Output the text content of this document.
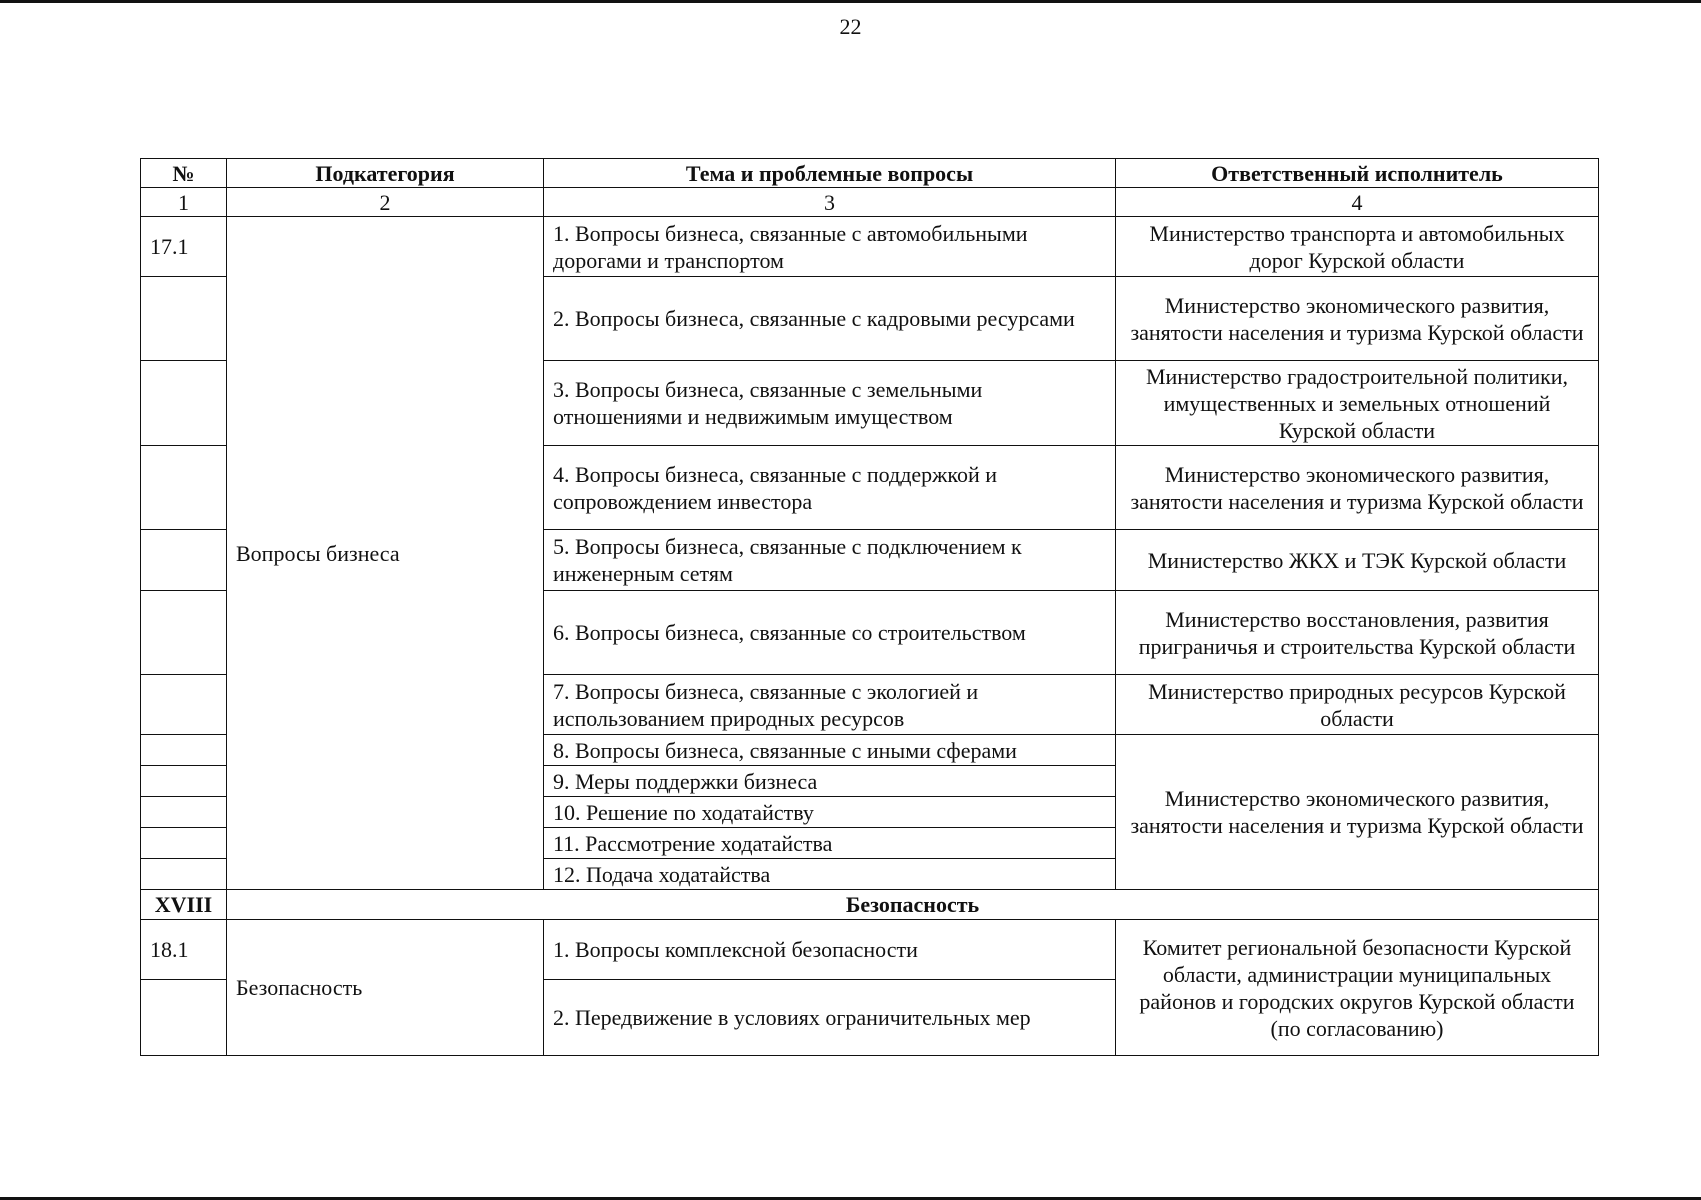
22
№	Подкатегория	Тема и проблемные вопросы	Ответственный исполнитель
1	2	3	4
17.1	Вопросы бизнеса	1. Вопросы бизнеса, связанные с автомобильными дорогами и транспортом	Министерство транспорта и автомобильных дорог Курской области
		2. Вопросы бизнеса, связанные с кадровыми ресурсами	Министерство экономического развития, занятости населения и туризма Курской области
		3. Вопросы бизнеса, связанные с земельными отношениями и недвижимым имуществом	Министерство градостроительной политики, имущественных и земельных отношений Курской области
		4. Вопросы бизнеса, связанные с поддержкой и сопровождением инвестора	Министерство экономического развития, занятости населения и туризма Курской области
		5. Вопросы бизнеса, связанные с подключением к инженерным сетям	Министерство ЖКХ и ТЭК Курской области
		6. Вопросы бизнеса, связанные со строительством	Министерство восстановления, развития приграничья и строительства Курской области
		7. Вопросы бизнеса, связанные с экологией и использованием природных ресурсов	Министерство природных ресурсов Курской области
		8. Вопросы бизнеса, связанные с иными сферами	Министерство экономического развития, занятости населения и туризма Курской области
		9. Меры поддержки бизнеса	
		10. Решение по ходатайству	
		11. Рассмотрение ходатайства	
		12. Подача ходатайства	
XVIII	Безопасность		
18.1	Безопасность	1. Вопросы комплексной безопасности	Комитет региональной безопасности Курской области, администрации муниципальных районов и городских округов Курской области (по согласованию)
		2. Передвижение в условиях ограничительных мер	
